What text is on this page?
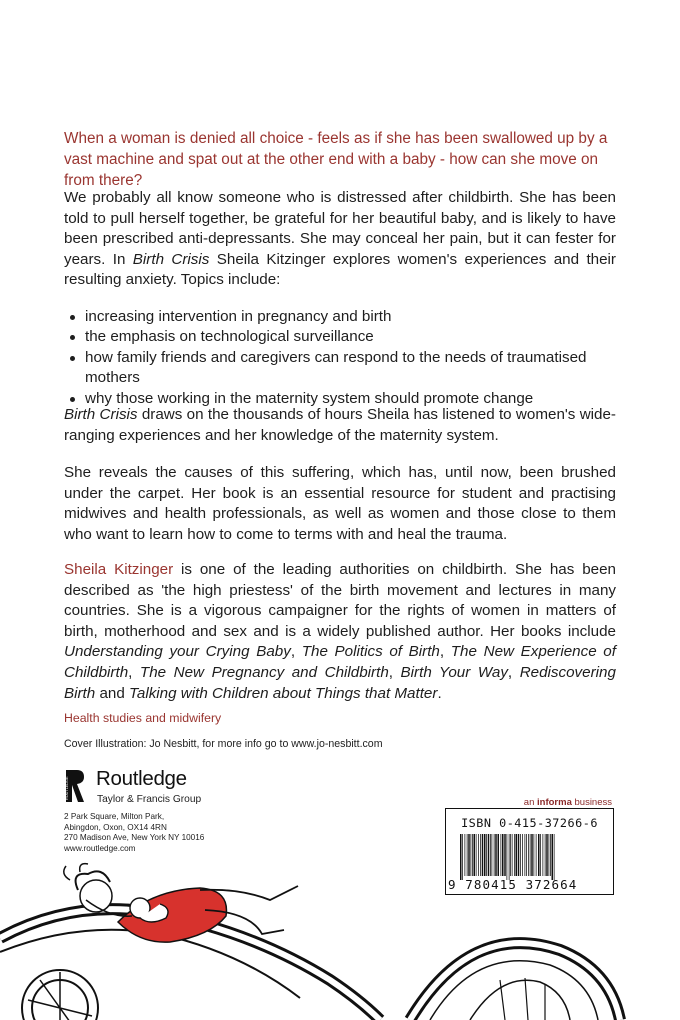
When a woman is denied all choice - feels as if she has been swallowed up by a vast machine and spat out at the other end with a baby - how can she move on from there?

We probably all know someone who is distressed after childbirth. She has been told to pull herself together, be grateful for her beautiful baby, and is likely to have been prescribed anti-depressants. She may conceal her pain, but it can fester for years. In Birth Crisis Sheila Kitzinger explores women's experiences and their resulting anxiety. Topics include:

increasing intervention in pregnancy and birth
the emphasis on technological surveillance
how family friends and caregivers can respond to the needs of traumatised mothers
why those working in the maternity system should promote change

Birth Crisis draws on the thousands of hours Sheila has listened to women's wide-ranging experiences and her knowledge of the maternity system.

She reveals the causes of this suffering, which has, until now, been brushed under the carpet. Her book is an essential resource for student and practising midwives and health professionals, as well as women and those close to them who want to learn how to come to terms with and heal the trauma.

Sheila Kitzinger is one of the leading authorities on childbirth. She has been described as 'the high priestess' of the birth movement and lectures in many countries. She is a vigorous campaigner for the rights of women in matters of birth, motherhood and sex and is a widely published author. Her books include Understanding your Crying Baby, The Politics of Birth, The New Experience of Childbirth, The New Pregnancy and Childbirth, Birth Your Way, Rediscovering Birth and Talking with Children about Things that Matter.

Health studies and midwifery
Cover Illustration: Jo Nesbitt, for more info go to www.jo-nesbitt.com
ROUTLEDGE Routledge
Taylor & Francis Group
2 Park Square, Milton Park,
Abingdon, Oxon, OX14 4RN
270 Madison Ave, New York NY 10016
www.routledge.com
an informa business
ISBN 0-415-37266-6
9 780415 372664
